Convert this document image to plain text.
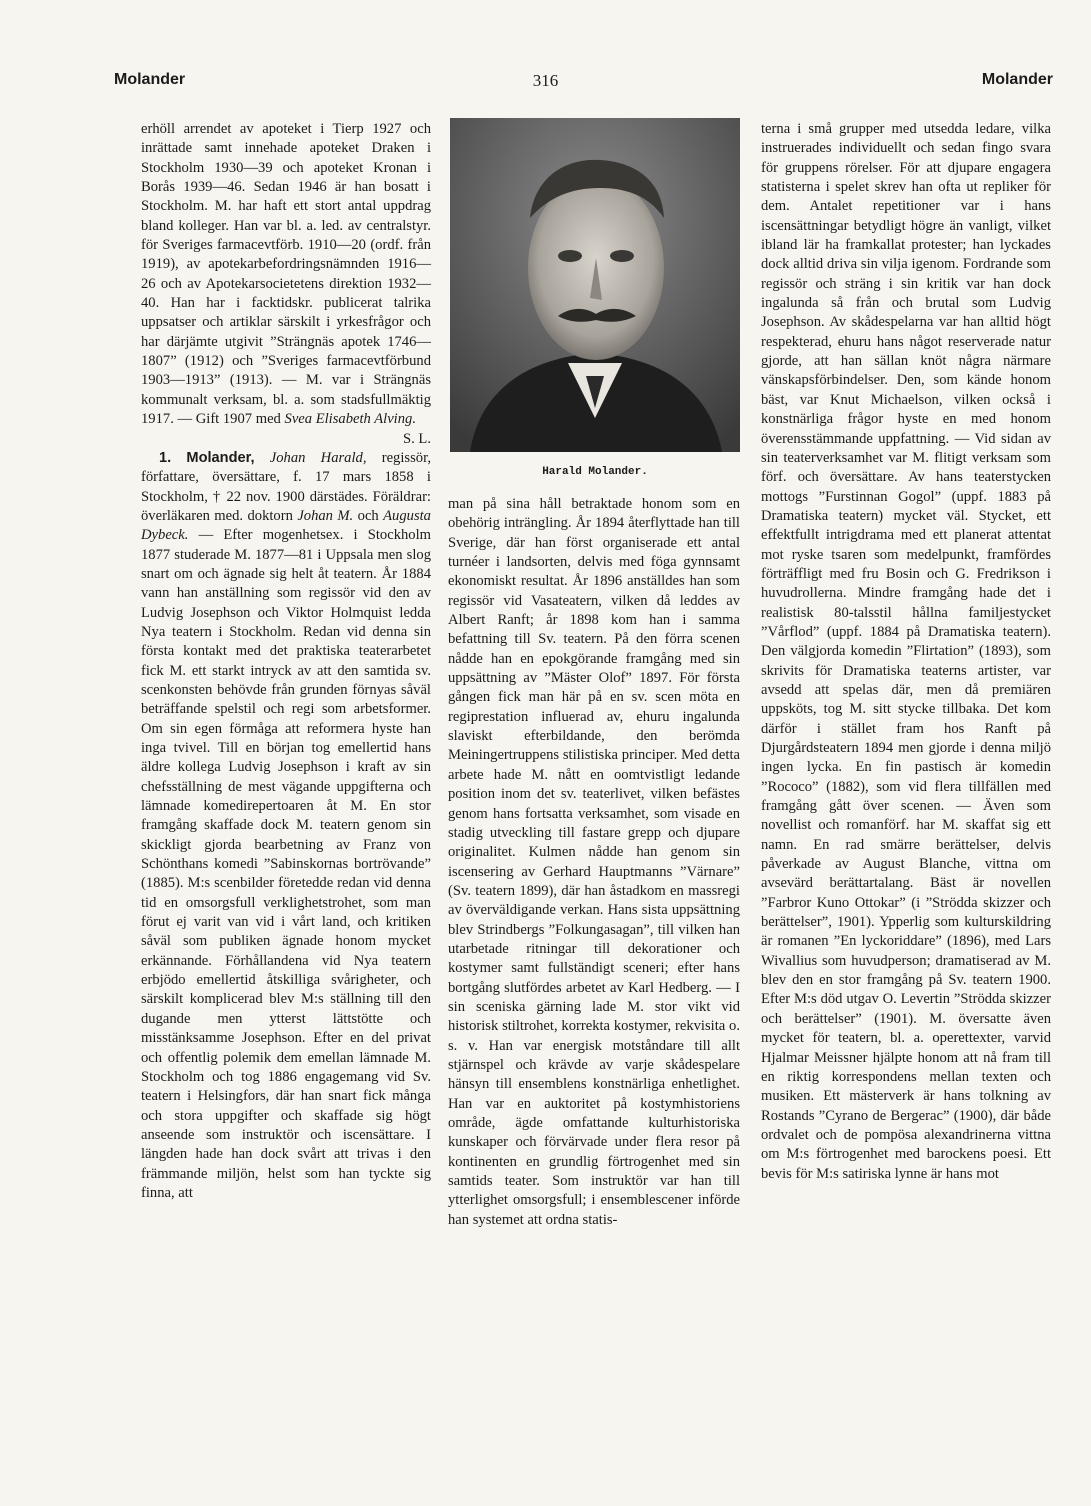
Molander	316	Molander

erhöll arrendet av apoteket i Tierp 1927 och inrättade samt innehade apoteket Draken i Stockholm 1930—39 och apoteket Kronan i Borås 1939—46. Sedan 1946 är han bosatt i Stockholm. M. har haft ett stort antal uppdrag bland kolleger. Han var bl. a. led. av centralstyr. för Sveriges farmacevtförb. 1910—20 (ordf. från 1919), av apotekarbefordringsnämnden 1916—26 och av Apotekarsocietetens direktion 1932—40. Han har i facktidskr. publicerat talrika uppsatser och artiklar särskilt i yrkesfrågor och har därjämte utgivit ”Strängnäs apotek 1746—1807” (1912) och ”Sveriges farmacevtförbund 1903—1913” (1913). — M. var i Strängnäs kommunalt verksam, bl. a. som stadsfullmäktig 1917. — Gift 1907 med Svea Elisabeth Alving.
S. L.

1. Molander, Johan Harald, regissör, författare, översättare, f. 17 mars 1858 i Stockholm, † 22 nov. 1900 därstädes. Föräldrar: överläkaren med. doktorn Johan M. och Augusta Dybeck. — Efter mogenhetsex. i Stockholm 1877 studerade M. 1877—81 i Uppsala men slog snart om och ägnade sig helt åt teatern. År 1884 vann han anställning som regissör vid den av Ludvig Josephson och Viktor Holmquist ledda Nya teatern i Stockholm. Redan vid denna sin första kontakt med det praktiska teaterarbetet fick M. ett starkt intryck av att den samtida sv. scenkonsten behövde från grunden förnyas såväl beträffande spelstil och regi som arbetsformer. Om sin egen förmåga att reformera hyste han inga tvivel. Till en början tog emellertid hans äldre kollega Ludvig Josephson i kraft av sin chefsställning de mest vägande uppgifterna och lämnade komedirepertoaren åt M. En stor framgång skaffade dock M. teatern genom sin skickligt gjorda bearbetning av Franz von Schönthans komedi ”Sabinskornas bortrövande” (1885). M:s scenbilder företedde redan vid denna tid en omsorgsfull verklighetstrohet, som man förut ej varit van vid i vårt land, och kritiken såväl som publiken ägnade honom mycket erkännande. Förhållandena vid Nya teatern erbjödo emellertid åtskilliga svårigheter, och särskilt komplicerad blev M:s ställning till den dugande men ytterst lättstötte och misstänksamme Josephson. Efter en del privat och offentlig polemik dem emellan lämnade M. Stockholm och tog 1886 engagemang vid Sv. teatern i Helsingfors, där han snart fick många och stora uppgifter och skaffade sig högt anseende som instruktör och iscensättare. I längden hade han dock svårt att trivas i den främmande miljön, helst som han tyckte sig finna, att

Harald Molander.

man på sina håll betraktade honom som en obehörig inträngling. År 1894 återflyttade han till Sverige, där han först organiserade ett antal turnéer i landsorten, delvis med föga gynnsamt ekonomiskt resultat. År 1896 anställdes han som regissör vid Vasateatern, vilken då leddes av Albert Ranft; år 1898 kom han i samma befattning till Sv. teatern. På den förra scenen nådde han en epokgörande framgång med sin uppsättning av ”Mäster Olof” 1897. För första gången fick man här på en sv. scen möta en regiprestation influerad av, ehuru ingalunda slaviskt efterbildande, den berömda Meiningertruppens stilistiska principer. Med detta arbete hade M. nått en oomtvistligt ledande position inom det sv. teaterlivet, vilken befästes genom hans fortsatta verksamhet, som visade en stadig utveckling till fastare grepp och djupare originalitet. Kulmen nådde han genom sin iscensering av Gerhard Hauptmanns ”Värnare” (Sv. teatern 1899), där han åstadkom en massregi av överväldigande verkan. Hans sista uppsättning blev Strindbergs ”Folkungasagan”, till vilken han utarbetade ritningar till dekorationer och kostymer samt fullständigt sceneri; efter hans bortgång slutfördes arbetet av Karl Hedberg. — I sin sceniska gärning lade M. stor vikt vid historisk stiltrohet, korrekta kostymer, rekvisita o. s. v. Han var energisk motståndare till allt stjärnspel och krävde av varje skådespelare hänsyn till ensemblens konstnärliga enhetlighet. Han var en auktoritet på kostymhistoriens område, ägde omfattande kulturhistoriska kunskaper och förvärvade under flera resor på kontinenten en grundlig förtrogenhet med sin samtids teater. Som instruktör var han till ytterlighet omsorgsfull; i ensemblescener införde han systemet att ordna statis-

terna i små grupper med utsedda ledare, vilka instruerades individuellt och sedan fingo svara för gruppens rörelser. För att djupare engagera statisterna i spelet skrev han ofta ut repliker för dem. Antalet repetitioner var i hans iscensättningar betydligt högre än vanligt, vilket ibland lär ha framkallat protester; han lyckades dock alltid driva sin vilja igenom. Fordrande som regissör och sträng i sin kritik var han dock ingalunda så från och brutal som Ludvig Josephson. Av skådespelarna var han alltid högt respekterad, ehuru hans något reserverade natur gjorde, att han sällan knöt några närmare vänskapsförbindelser. Den, som kände honom bäst, var Knut Michaelson, vilken också i konstnärliga frågor hyste en med honom överensstämmande uppfattning. — Vid sidan av sin teaterverksamhet var M. flitigt verksam som förf. och översättare. Av hans teaterstycken mottogs ”Furstinnan Gogol” (uppf. 1883 på Dramatiska teatern) mycket väl. Stycket, ett effektfullt intrigdrama med ett planerat attentat mot ryske tsaren som medelpunkt, framfördes förträffligt med fru Bosin och G. Fredrikson i huvudrollerna. Mindre framgång hade det i realistisk 80-talsstil hållna familjestycket ”Vårflod” (uppf. 1884 på Dramatiska teatern). Den välgjorda komedin ”Flirtation” (1893), som skrivits för Dramatiska teaterns artister, var avsedd att spelas där, men då premiären uppsköts, tog M. sitt stycke tillbaka. Det kom därför i stället fram hos Ranft på Djurgårdsteatern 1894 men gjorde i denna miljö ingen lycka. En fin pastisch är komedin ”Rococo” (1882), som vid flera tillfällen med framgång gått över scenen. — Även som novellist och romanförf. har M. skaffat sig ett namn. En rad smärre berättelser, delvis påverkade av August Blanche, vittna om avsevärd berättartalang. Bäst är novellen ”Farbror Kuno Ottokar” (i ”Strödda skizzer och berättelser”, 1901). Ypperlig som kulturskildring är romanen ”En lyckoriddare” (1896), med Lars Wivallius som huvudperson; dramatiserad av M. blev den en stor framgång på Sv. teatern 1900. Efter M:s död utgav O. Levertin ”Strödda skizzer och berättelser” (1901). M. översatte även mycket för teatern, bl. a. operettexter, varvid Hjalmar Meissner hjälpte honom att nå fram till en riktig korrespondens mellan texten och musiken. Ett mästerverk är hans tolkning av Rostands ”Cyrano de Bergerac” (1900), där både ordvalet och de pompösa alexandrinerna vittna om M:s förtrogenhet med barockens poesi. Ett bevis för M:s satiriska lynne är hans mot
